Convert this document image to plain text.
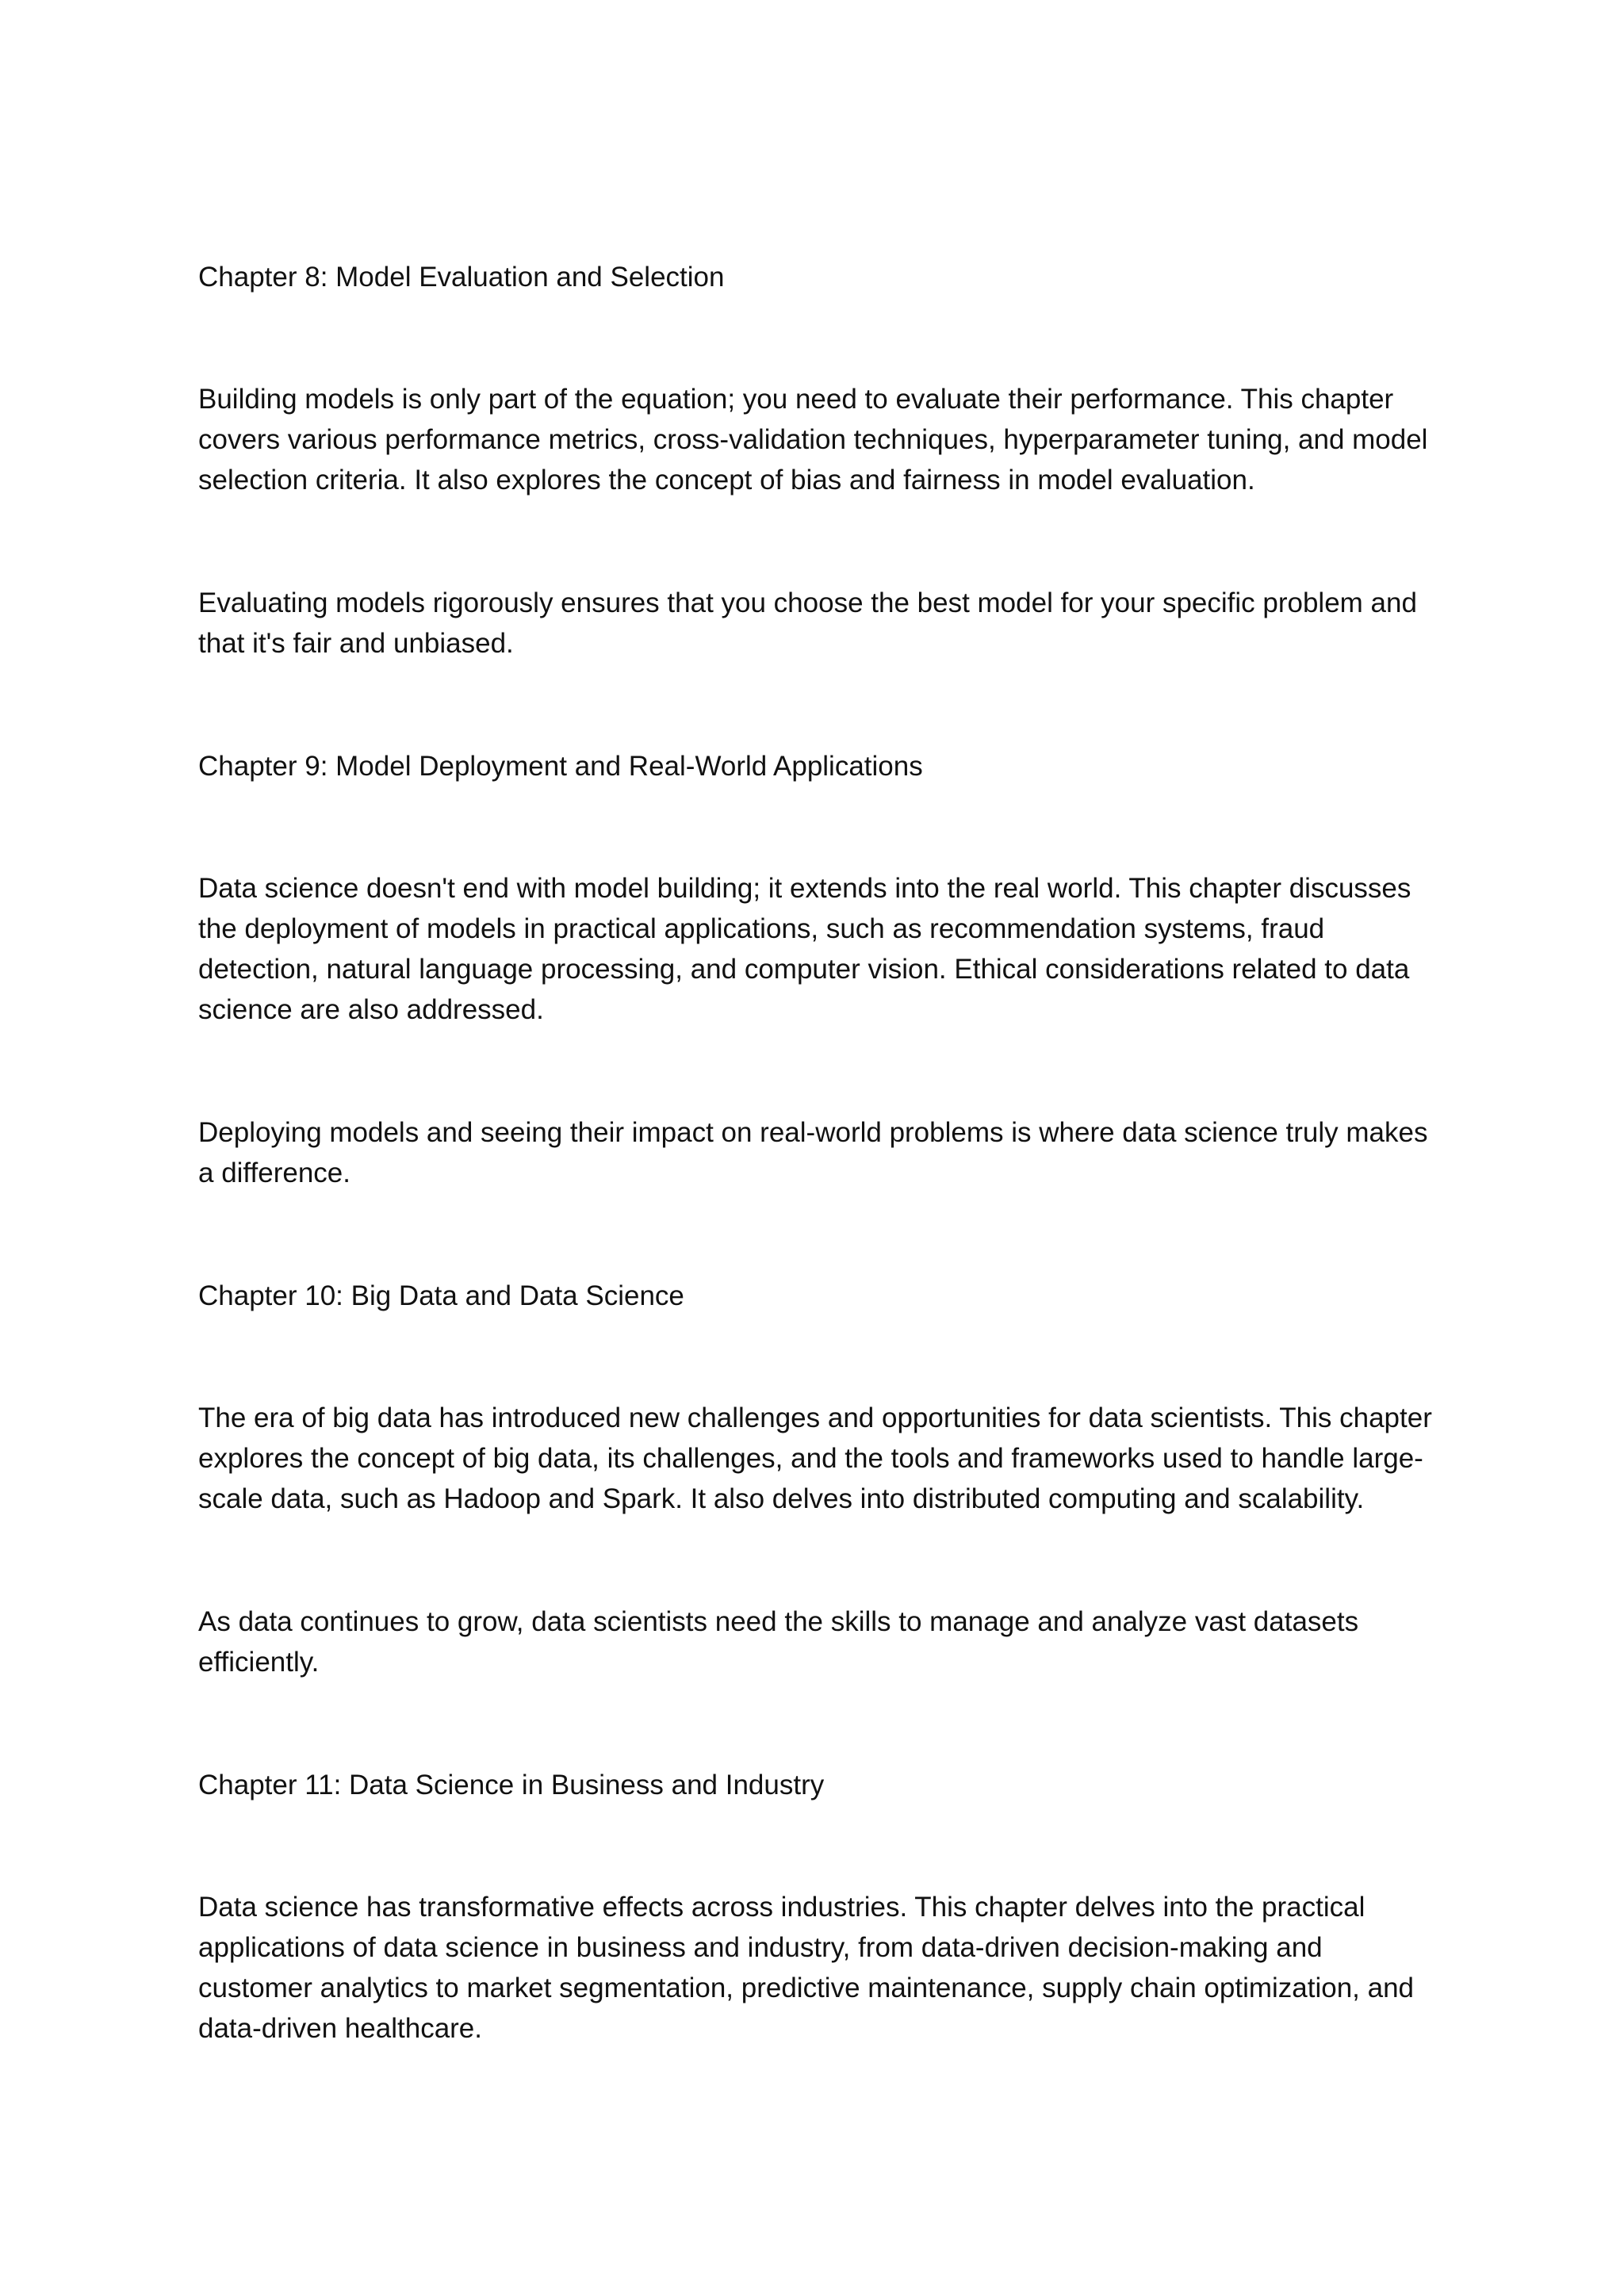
Chapter 8: Model Evaluation and Selection
Building models is only part of the equation; you need to evaluate their performance. This chapter covers various performance metrics, cross-validation techniques, hyperparameter tuning, and model selection criteria. It also explores the concept of bias and fairness in model evaluation.
Evaluating models rigorously ensures that you choose the best model for your specific problem and that it's fair and unbiased.
Chapter 9: Model Deployment and Real-World Applications
Data science doesn't end with model building; it extends into the real world. This chapter discusses the deployment of models in practical applications, such as recommendation systems, fraud detection, natural language processing, and computer vision. Ethical considerations related to data science are also addressed.
Deploying models and seeing their impact on real-world problems is where data science truly makes a difference.
Chapter 10: Big Data and Data Science
The era of big data has introduced new challenges and opportunities for data scientists. This chapter explores the concept of big data, its challenges, and the tools and frameworks used to handle large-scale data, such as Hadoop and Spark. It also delves into distributed computing and scalability.
As data continues to grow, data scientists need the skills to manage and analyze vast datasets efficiently.
Chapter 11: Data Science in Business and Industry
Data science has transformative effects across industries. This chapter delves into the practical applications of data science in business and industry, from data-driven decision-making and customer analytics to market segmentation, predictive maintenance, supply chain optimization, and data-driven healthcare.
